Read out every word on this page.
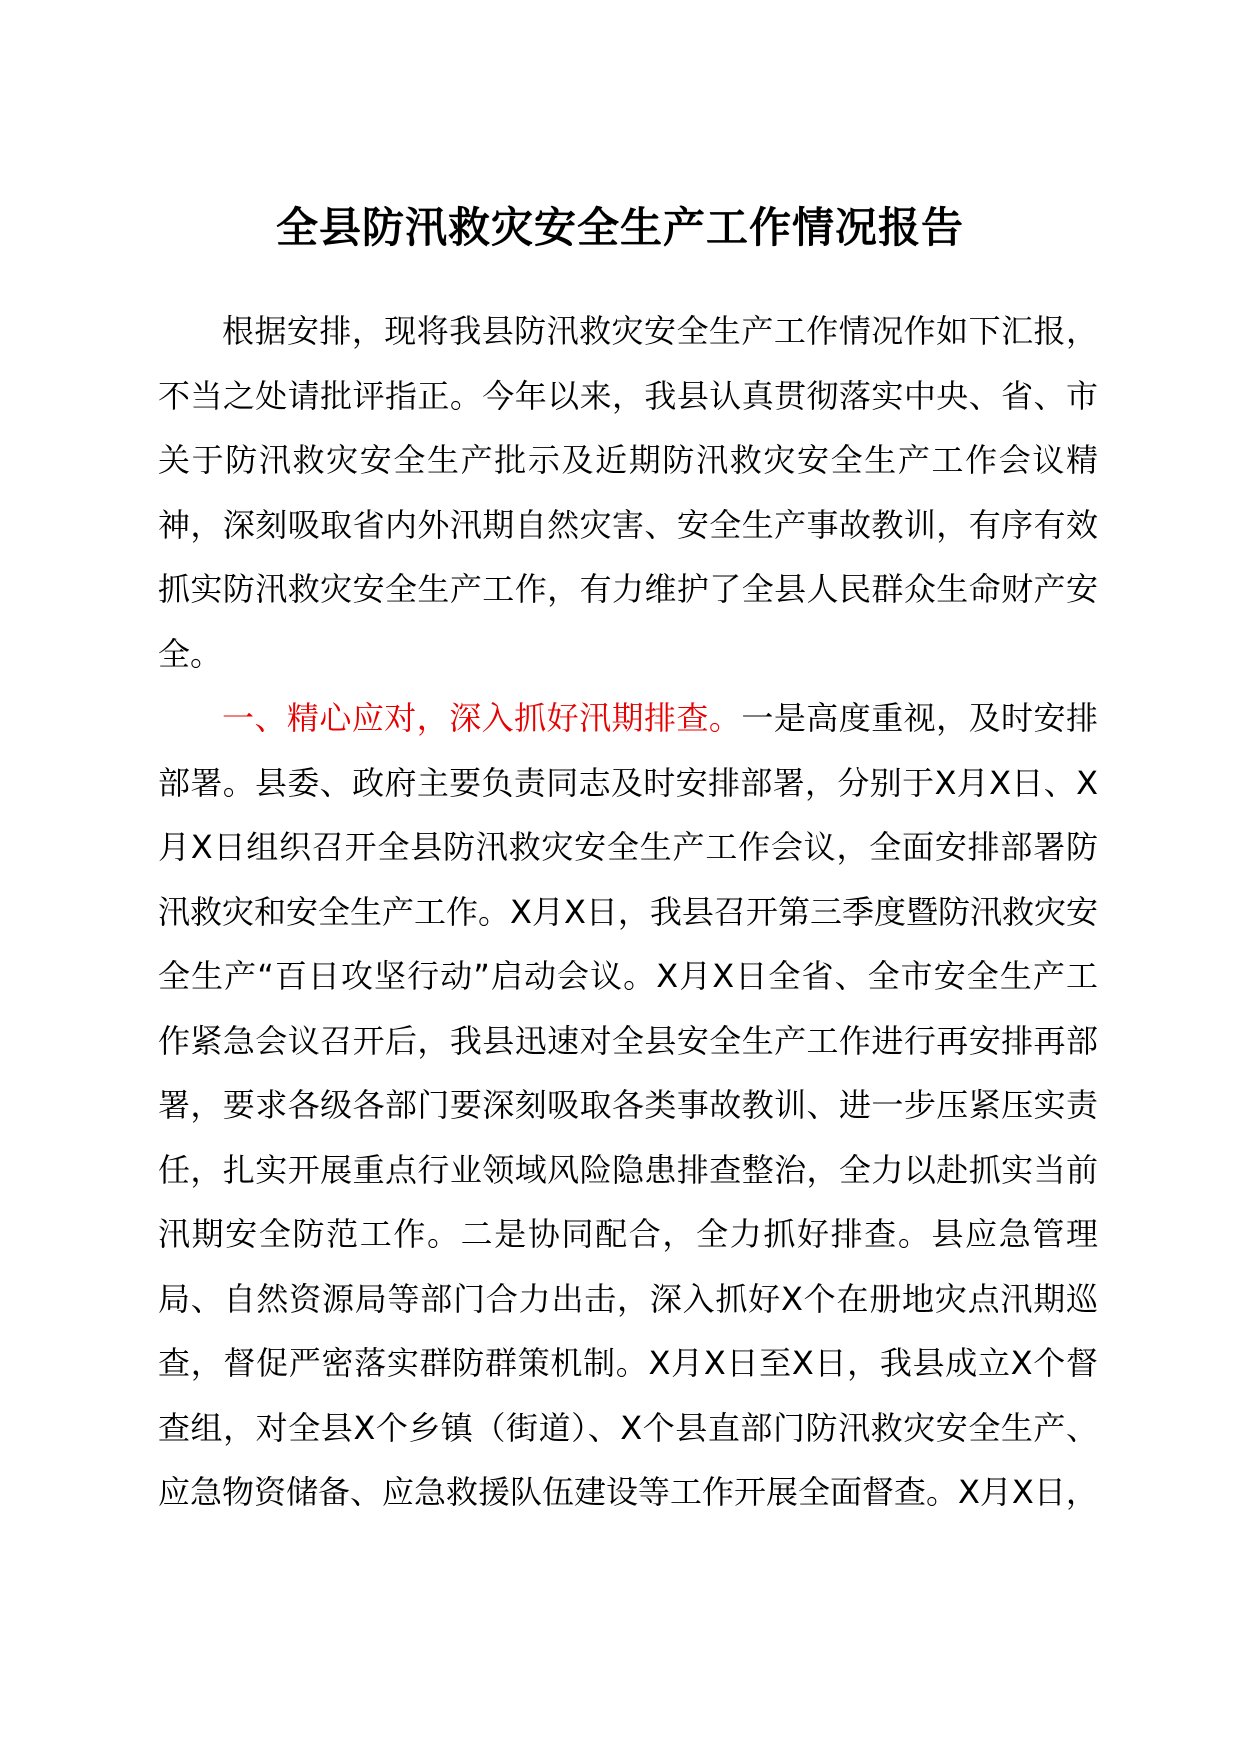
全县防汛救灾安全生产工作情况报告

根据安排，现将我县防汛救灾安全生产工作情况作如下汇报，不当之处请批评指正。今年以来，我县认真贯彻落实中央、省、市关于防汛救灾安全生产批示及近期防汛救灾安全生产工作会议精神，深刻吸取省内外汛期自然灾害、安全生产事故教训，有序有效抓实防汛救灾安全生产工作，有力维护了全县人民群众生命财产安全。

一、精心应对，深入抓好汛期排查。一是高度重视，及时安排部署。县委、政府主要负责同志及时安排部署，分别于X月X日、X月X日组织召开全县防汛救灾安全生产工作会议，全面安排部署防汛救灾和安全生产工作。X月X日，我县召开第三季度暨防汛救灾安全生产“百日攻坚行动”启动会议。X月X日全省、全市安全生产工作紧急会议召开后，我县迅速对全县安全生产工作进行再安排再部署，要求各级各部门要深刻吸取各类事故教训、进一步压紧压实责任，扎实开展重点行业领域风险隐患排查整治，全力以赴抓实当前汛期安全防范工作。二是协同配合，全力抓好排查。县应急管理局、自然资源局等部门合力出击，深入抓好X个在册地灾点汛期巡查，督促严密落实群防群策机制。X月X日至X日，我县成立X个督查组，对全县X个乡镇（街道）、X个县直部门防汛救灾安全生产、应急物资储备、应急救援队伍建设等工作开展全面督查。X月X日，
